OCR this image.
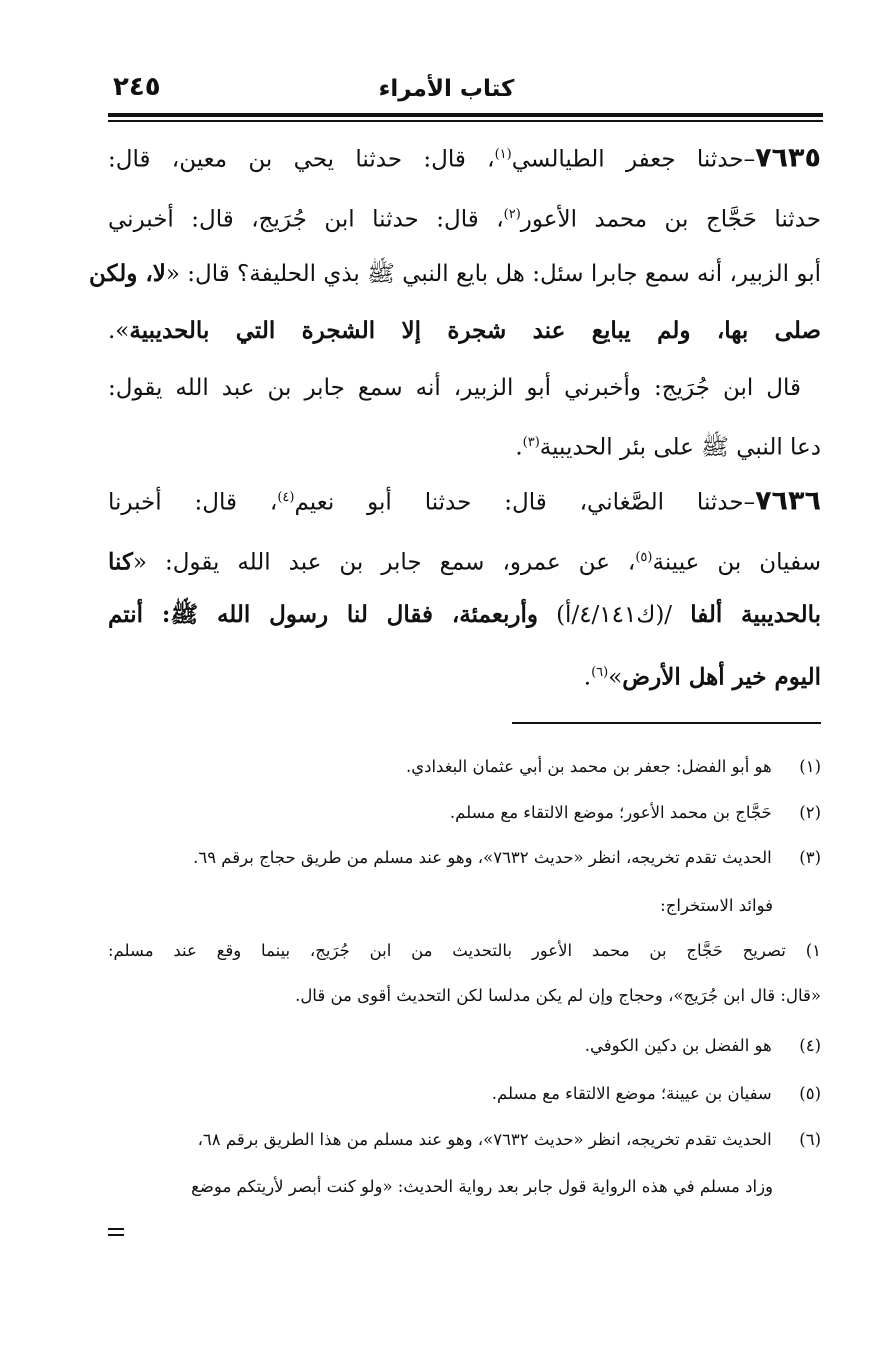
٢٤٥	كتاب الأمراء
٧٦٣٥–حدثنا جعفر الطيالسي$^{(١)}$، قال: حدثنا يحي بن معين، قال:
حدثنا حَجَّاج بن محمد الأعور$^{(٢)}$، قال: حدثنا ابن جُرَيج، قال: أخبرني
أبو الزبير، أنه سمع جابرا سئل: هل بايع النبي ﷺ بذي الحليفة؟ قال: «لا، ولكن
صلى بها، ولم يبايع عند شجرة إلا الشجرة التي بالحديبية».
قال ابن جُرَيج: وأخبرني أبو الزبير، أنه سمع جابر بن عبد الله يقول:
دعا النبي ﷺ على بئر الحديبية$^{(٣)}$.
٧٦٣٦–حدثنا الصَّغاني، قال: حدثنا أبو نعيم$^{(٤)}$، قال: أخبرنا
سفيان بن عيينة$^{(٥)}$، عن عمرو، سمع جابر بن عبد الله يقول: «كنا
بالحديبية ألفا /(ك٤/١٤١/أ) وأربعمئة، فقال لنا رسول الله ﷺ: أنتم
اليوم خير أهل الأرض»$^{(٦)}$.
(١) هو أبو الفضل: جعفر بن محمد بن أبي عثمان البغدادي.
(٢) حَجَّاج بن محمد الأعور؛ موضع الالتقاء مع مسلم.
(٣) الحديث تقدم تخريجه، انظر «حديث ٧٦٣٢»، وهو عند مسلم من طريق حجاج برقم ٦٩.
فوائد الاستخراج:
١) تصريح حَجَّاج بن محمد الأعور بالتحديث من ابن جُرَيج، بينما وقع عند مسلم:
«قال: قال ابن جُرَيج»، وحجاج وإن لم يكن مدلسا لكن التحديث أقوى من قال.
(٤) هو الفضل بن دكين الكوفي.
(٥) سفيان بن عيينة؛ موضع الالتقاء مع مسلم.
(٦) الحديث تقدم تخريجه، انظر «حديث ٧٦٣٢»، وهو عند مسلم من هذا الطريق برقم ٦٨،
وزاد مسلم في هذه الرواية قول جابر بعد رواية الحديث: «ولو كنت أبصر لأريتكم موضع
